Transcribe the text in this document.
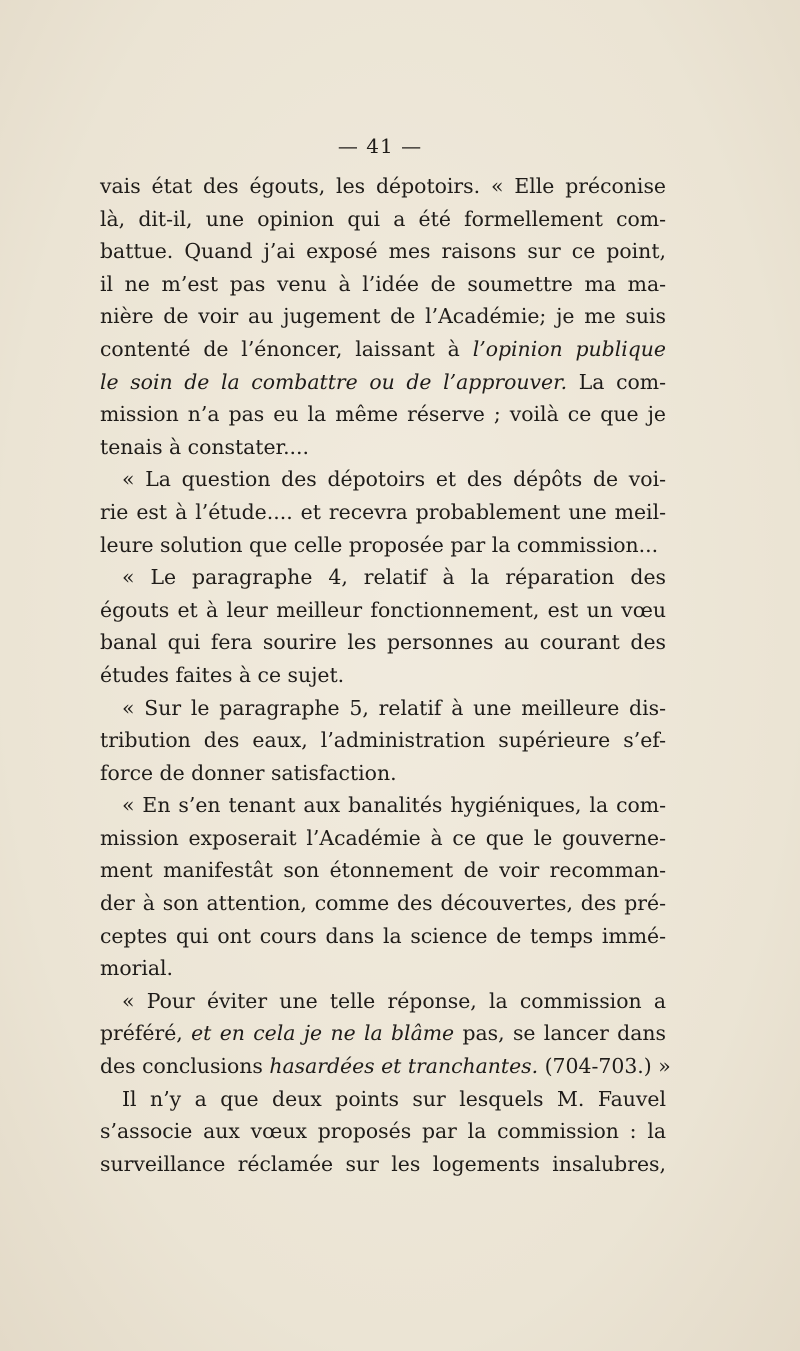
— 41 —
vais état des égouts, les dépotoirs. « Elle préconise
là, dit-il, une opinion qui a été formellement com-
battue. Quand j’ai exposé mes raisons sur ce point,
il ne m’est pas venu à l’idée de soumettre ma ma-
nière de voir au jugement de l’Académie; je me suis
contenté de l’énoncer, laissant à l’opinion publique
le soin de la combattre ou de l’approuver. La com-
mission n’a pas eu la même réserve ; voilà ce que je
tenais à constater....
« La question des dépotoirs et des dépôts de voi-
rie est à l’étude.... et recevra probablement une meil-
leure solution que celle proposée par la commission...
« Le paragraphe 4, relatif à la réparation des
égouts et à leur meilleur fonctionnement, est un vœu
banal qui fera sourire les personnes au courant des
études faites à ce sujet.
« Sur le paragraphe 5, relatif à une meilleure dis-
tribution des eaux, l’administration supérieure s’ef-
force de donner satisfaction.
« En s’en tenant aux banalités hygiéniques, la com-
mission exposerait l’Académie à ce que le gouverne-
ment manifestât son étonnement de voir recomman-
der à son attention, comme des découvertes, des pré-
ceptes qui ont cours dans la science de temps immé-
morial.
« Pour éviter une telle réponse, la commission a
préféré, et en cela je ne la blâme pas, se lancer dans
des conclusions hasardées et tranchantes. (704-703.) »
Il n’y a que deux points sur lesquels M. Fauvel
s’associe aux vœux proposés par la commission : la
surveillance réclamée sur les logements insalubres,
